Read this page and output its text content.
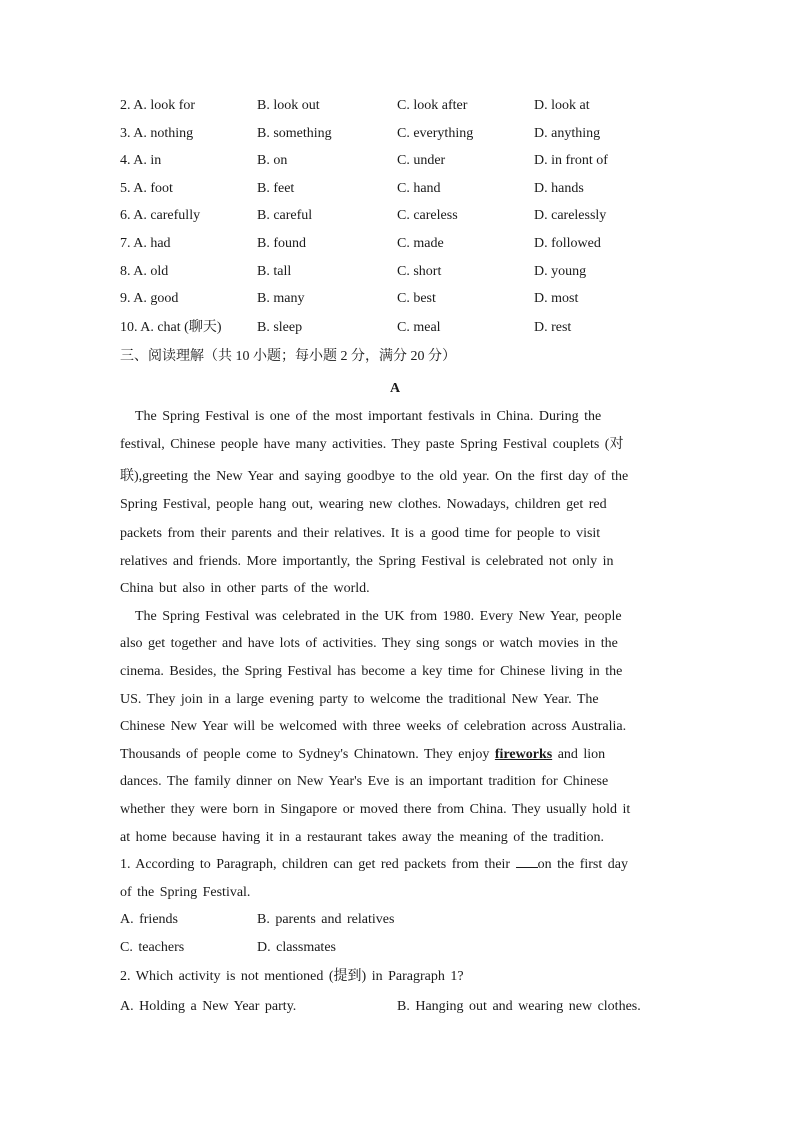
2. A. look for	B. look out	C. look after	D. look at
3. A. nothing	B. something	C. everything	D. anything
4. A. in	B. on	C. under	D. in front of
5. A. foot	B. feet	C. hand	D. hands
6. A. carefully	B. careful	C. careless	D. carelessly
7. A. had	B. found	C. made	D. followed
8. A. old	B. tall	C. short	D. young
9. A. good	B. many	C. best	D. most
10. A. chat (聊天)	B. sleep	C. meal	D. rest
三、阅读理解（共 10 小题；每小题 2 分，满分 20 分）
A
The Spring Festival is one of the most important festivals in China. During the
festival, Chinese people have many activities. They paste Spring Festival couplets (对
联),greeting the New Year and saying goodbye to the old year. On the first day of the
Spring Festival, people hang out, wearing new clothes. Nowadays, children get red
packets from their parents and their relatives. It is a good time for people to visit
relatives and friends. More importantly, the Spring Festival is celebrated not only in
China but also in other parts of the world.
The Spring Festival was celebrated in the UK from 1980. Every New Year, people
also get together and have lots of activities. They sing songs or watch movies in the
cinema. Besides, the Spring Festival has become a key time for Chinese living in the
US. They join in a large evening party to welcome the traditional New Year. The
Chinese New Year will be welcomed with three weeks of celebration across Australia.
Thousands of people come to Sydney's Chinatown. They enjoy fireworks and lion
dances. The family dinner on New Year's Eve is an important tradition for Chinese
whether they were born in Singapore or moved there from China. They usually hold it
at home because having it in a restaurant takes away the meaning of the tradition.
1. According to Paragraph, children can get red packets from their on the first day
of the Spring Festival.
A. friends	B. parents and relatives
C. teachers	D. classmates
2. Which activity is not mentioned (提到) in Paragraph 1?
A. Holding a New Year party.	B. Hanging out and wearing new clothes.
